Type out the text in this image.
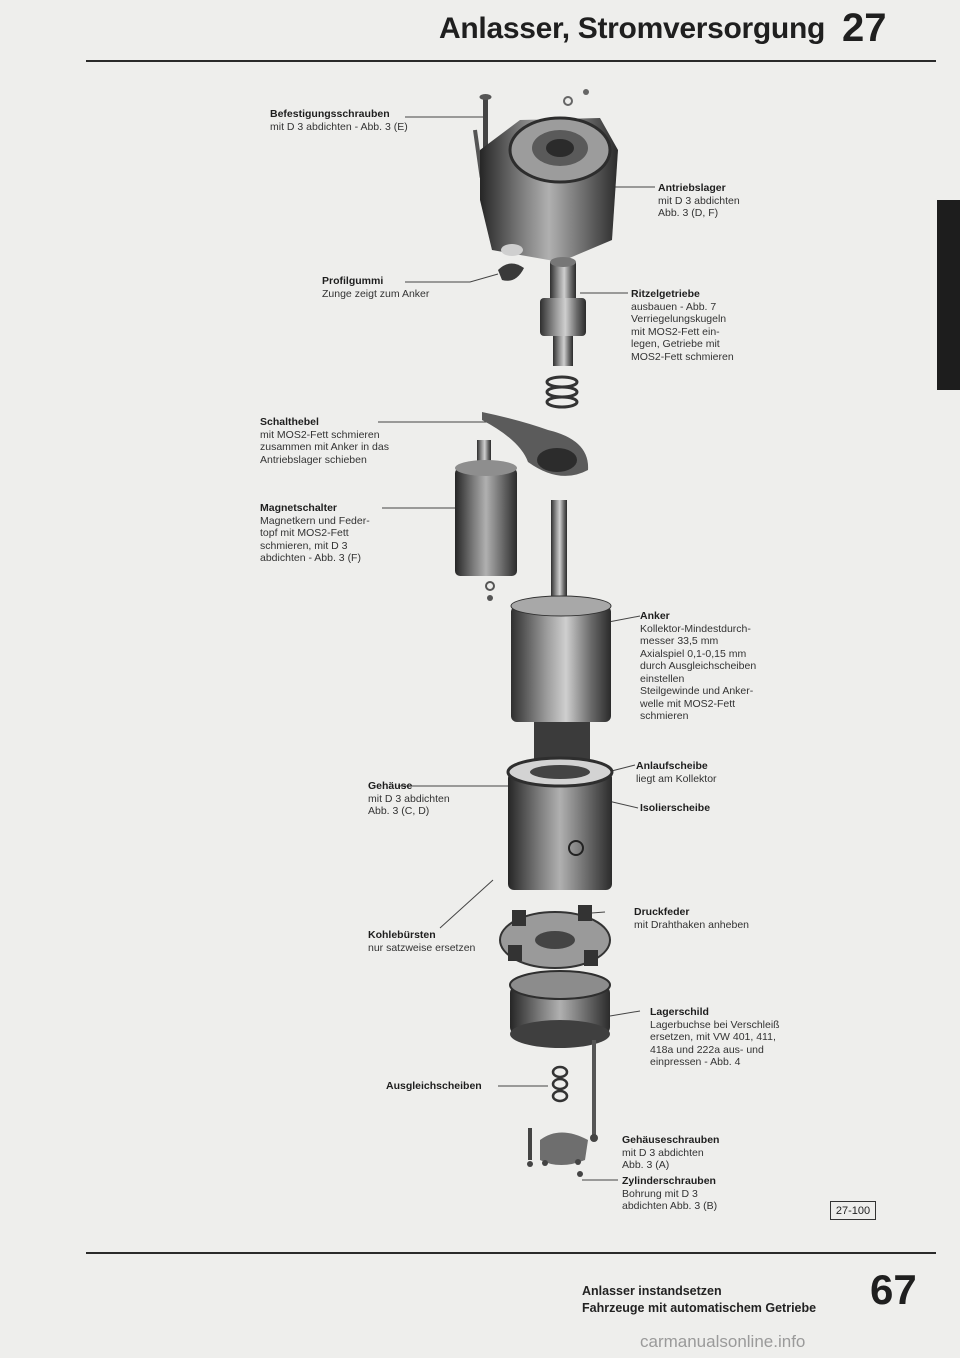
Anlasser, Stromversorgung 27
Befestigungsschrauben
mit D 3 abdichten - Abb. 3 (E)
Antriebslager
mit D 3 abdichten
Abb. 3 (D, F)
Profilgummi
Zunge zeigt zum Anker	Ritzelgetriebe
ausbauen - Abb. 7
Verriegelungskugeln
mit MOS2-Fett ein-
legen, Getriebe mit
MOS2-Fett schmieren
Schalthebel
mit MOS2-Fett schmieren
zusammen mit Anker in das
Antriebslager schieben
Magnetschalter
Magnetkern und Feder-
topf mit MOS2-Fett
schmieren, mit D 3
abdichten - Abb. 3 (F)
Anker
Kollektor-Mindestdurch-
messer 33,5 mm
Axialspiel 0,1-0,15 mm
durch Ausgleichscheiben
einstellen
Steilgewinde und Anker-
welle mit MOS2-Fett
schmieren
Anlaufscheibe
liegt am Kollektor
Gehäuse
mit D 3 abdichten
Abb. 3 (C, D)	Isolierscheibe
Druckfeder
mit Drahthaken anheben
Kohlebürsten
nur satzweise ersetzen
Lagerschild
Lagerbuchse bei Verschleiß
ersetzen, mit VW 401, 411,
418a und 222a aus- und
einpressen - Abb. 4
Ausgleichscheiben
Gehäuseschrauben
mit D 3 abdichten
Abb. 3 (A)
Zylinderschrauben
Bohrung mit D 3
abdichten Abb. 3 (B)	27-100
Anlasser instandsetzen
Fahrzeuge mit automatischem Getriebe 67
carmanualsonline.info
